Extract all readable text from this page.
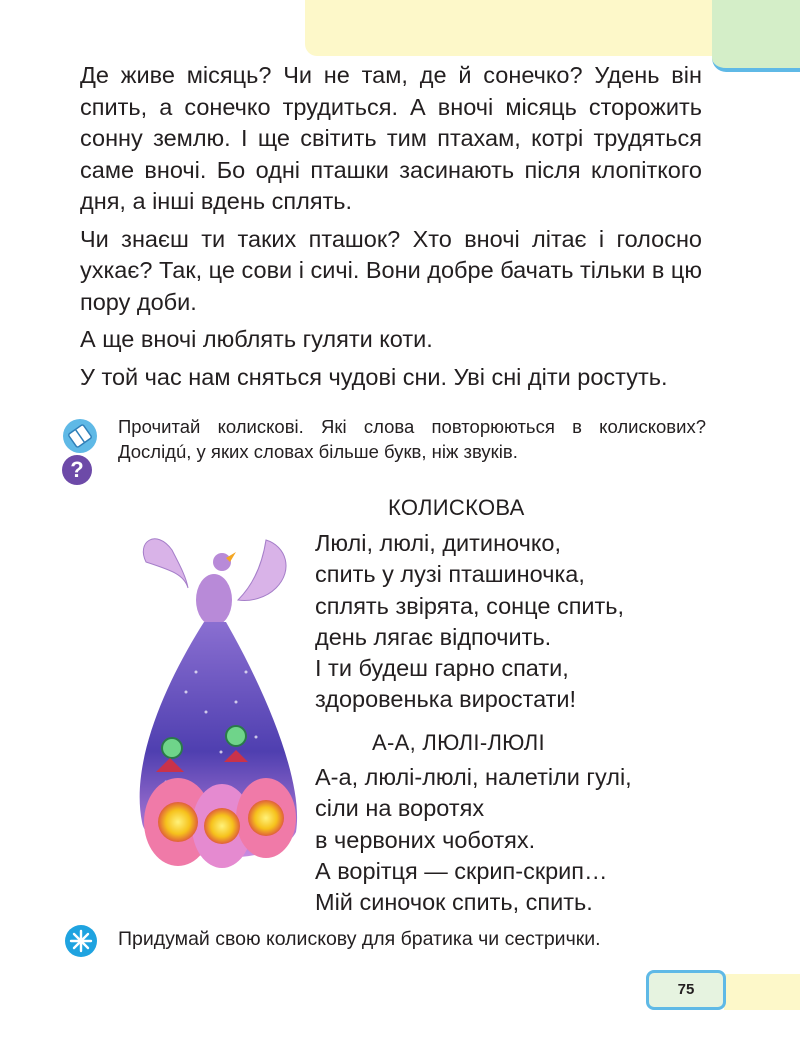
Де живе місяць? Чи не там, де й сонечко? Удень він спить, а сонечко трудиться. А вночі місяць сторожить сонну землю. І ще світить тим птахам, котрі трудяться саме вночі. Бо одні пташки засинають після клопіткого дня, а інші вдень сплять.

Чи знаєш ти таких пташок? Хто вночі літає і голосно ухкає? Так, це сови і сичі. Вони добре бачать тільки в цю пору доби.

А ще вночі люблять гуляти коти.

У той час нам сняться чудові сни. Уві сні діти ростуть.

?
Прочитай колискові. Які слова повторюються в колискових? Дослідú, у яких словах більше букв, ніж звуків.
КОЛИСКОВА
Люлі, люлі, дитиночко,
спить у лузі пташиночка,
сплять звірята, сонце спить,
день лягає відпочить.
І ти будеш гарно спати,
здоровенька виростати!
А-А, ЛЮЛІ-ЛЮЛІ
А-а, люлі-люлі, налетіли гулі,
сіли на воротях
в червоних чоботях.
А ворітця — скрип-скрип…
Мій синочок спить, спить.
Придумай свою колискову для братика чи сестрички.
75
